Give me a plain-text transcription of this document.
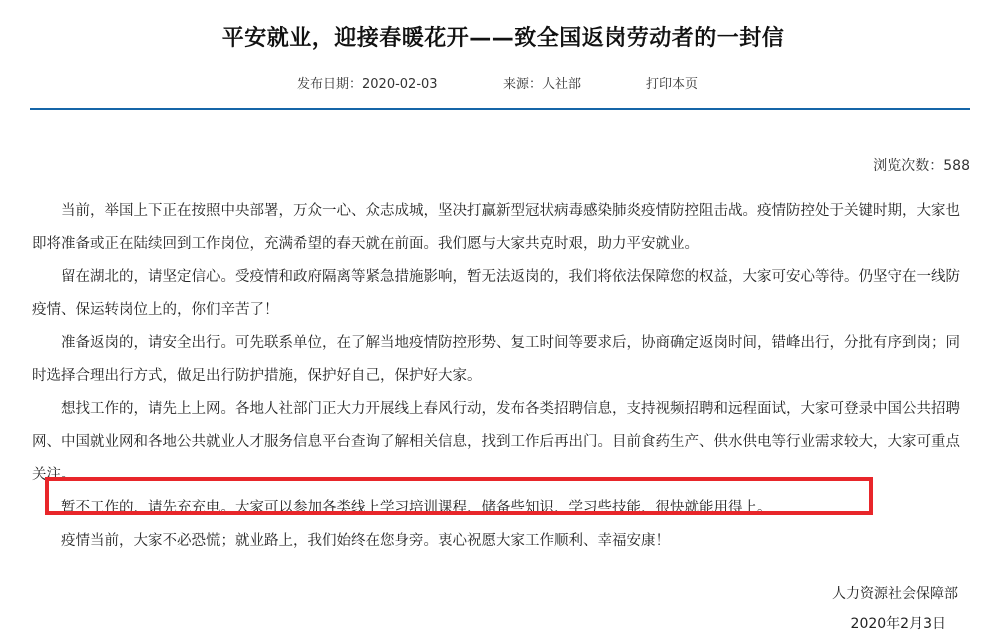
平安就业，迎接春暖花开——致全国返岗劳动者的一封信
发布日期：2020-02-03	来源：人社部	打印本页
浏览次数：588

当前，举国上下正在按照中央部署，万众一心、众志成城，坚决打赢新型冠状病毒感染肺炎疫情防控阻击战。疫情防控处于关键时期，大家也即将准备或正在陆续回到工作岗位，充满希望的春天就在前面。我们愿与大家共克时艰，助力平安就业。

留在湖北的，请坚定信心。受疫情和政府隔离等紧急措施影响，暂无法返岗的，我们将依法保障您的权益，大家可安心等待。仍坚守在一线防疫情、保运转岗位上的，你们辛苦了！

准备返岗的，请安全出行。可先联系单位，在了解当地疫情防控形势、复工时间等要求后，协商确定返岗时间，错峰出行，分批有序到岗；同时选择合理出行方式，做足出行防护措施，保护好自己，保护好大家。

想找工作的，请先上上网。各地人社部门正大力开展线上春风行动，发布各类招聘信息，支持视频招聘和远程面试，大家可登录中国公共招聘网、中国就业网和各地公共就业人才服务信息平台查询了解相关信息，找到工作后再出门。目前食药生产、供水供电等行业需求较大，大家可重点关注。

暂不工作的，请先充充电。大家可以参加各类线上学习培训课程，储备些知识，学习些技能，很快就能用得上。

疫情当前，大家不必恐慌；就业路上，我们始终在您身旁。衷心祝愿大家工作顺利、幸福安康！

人力资源社会保障部
2020年2月3日
